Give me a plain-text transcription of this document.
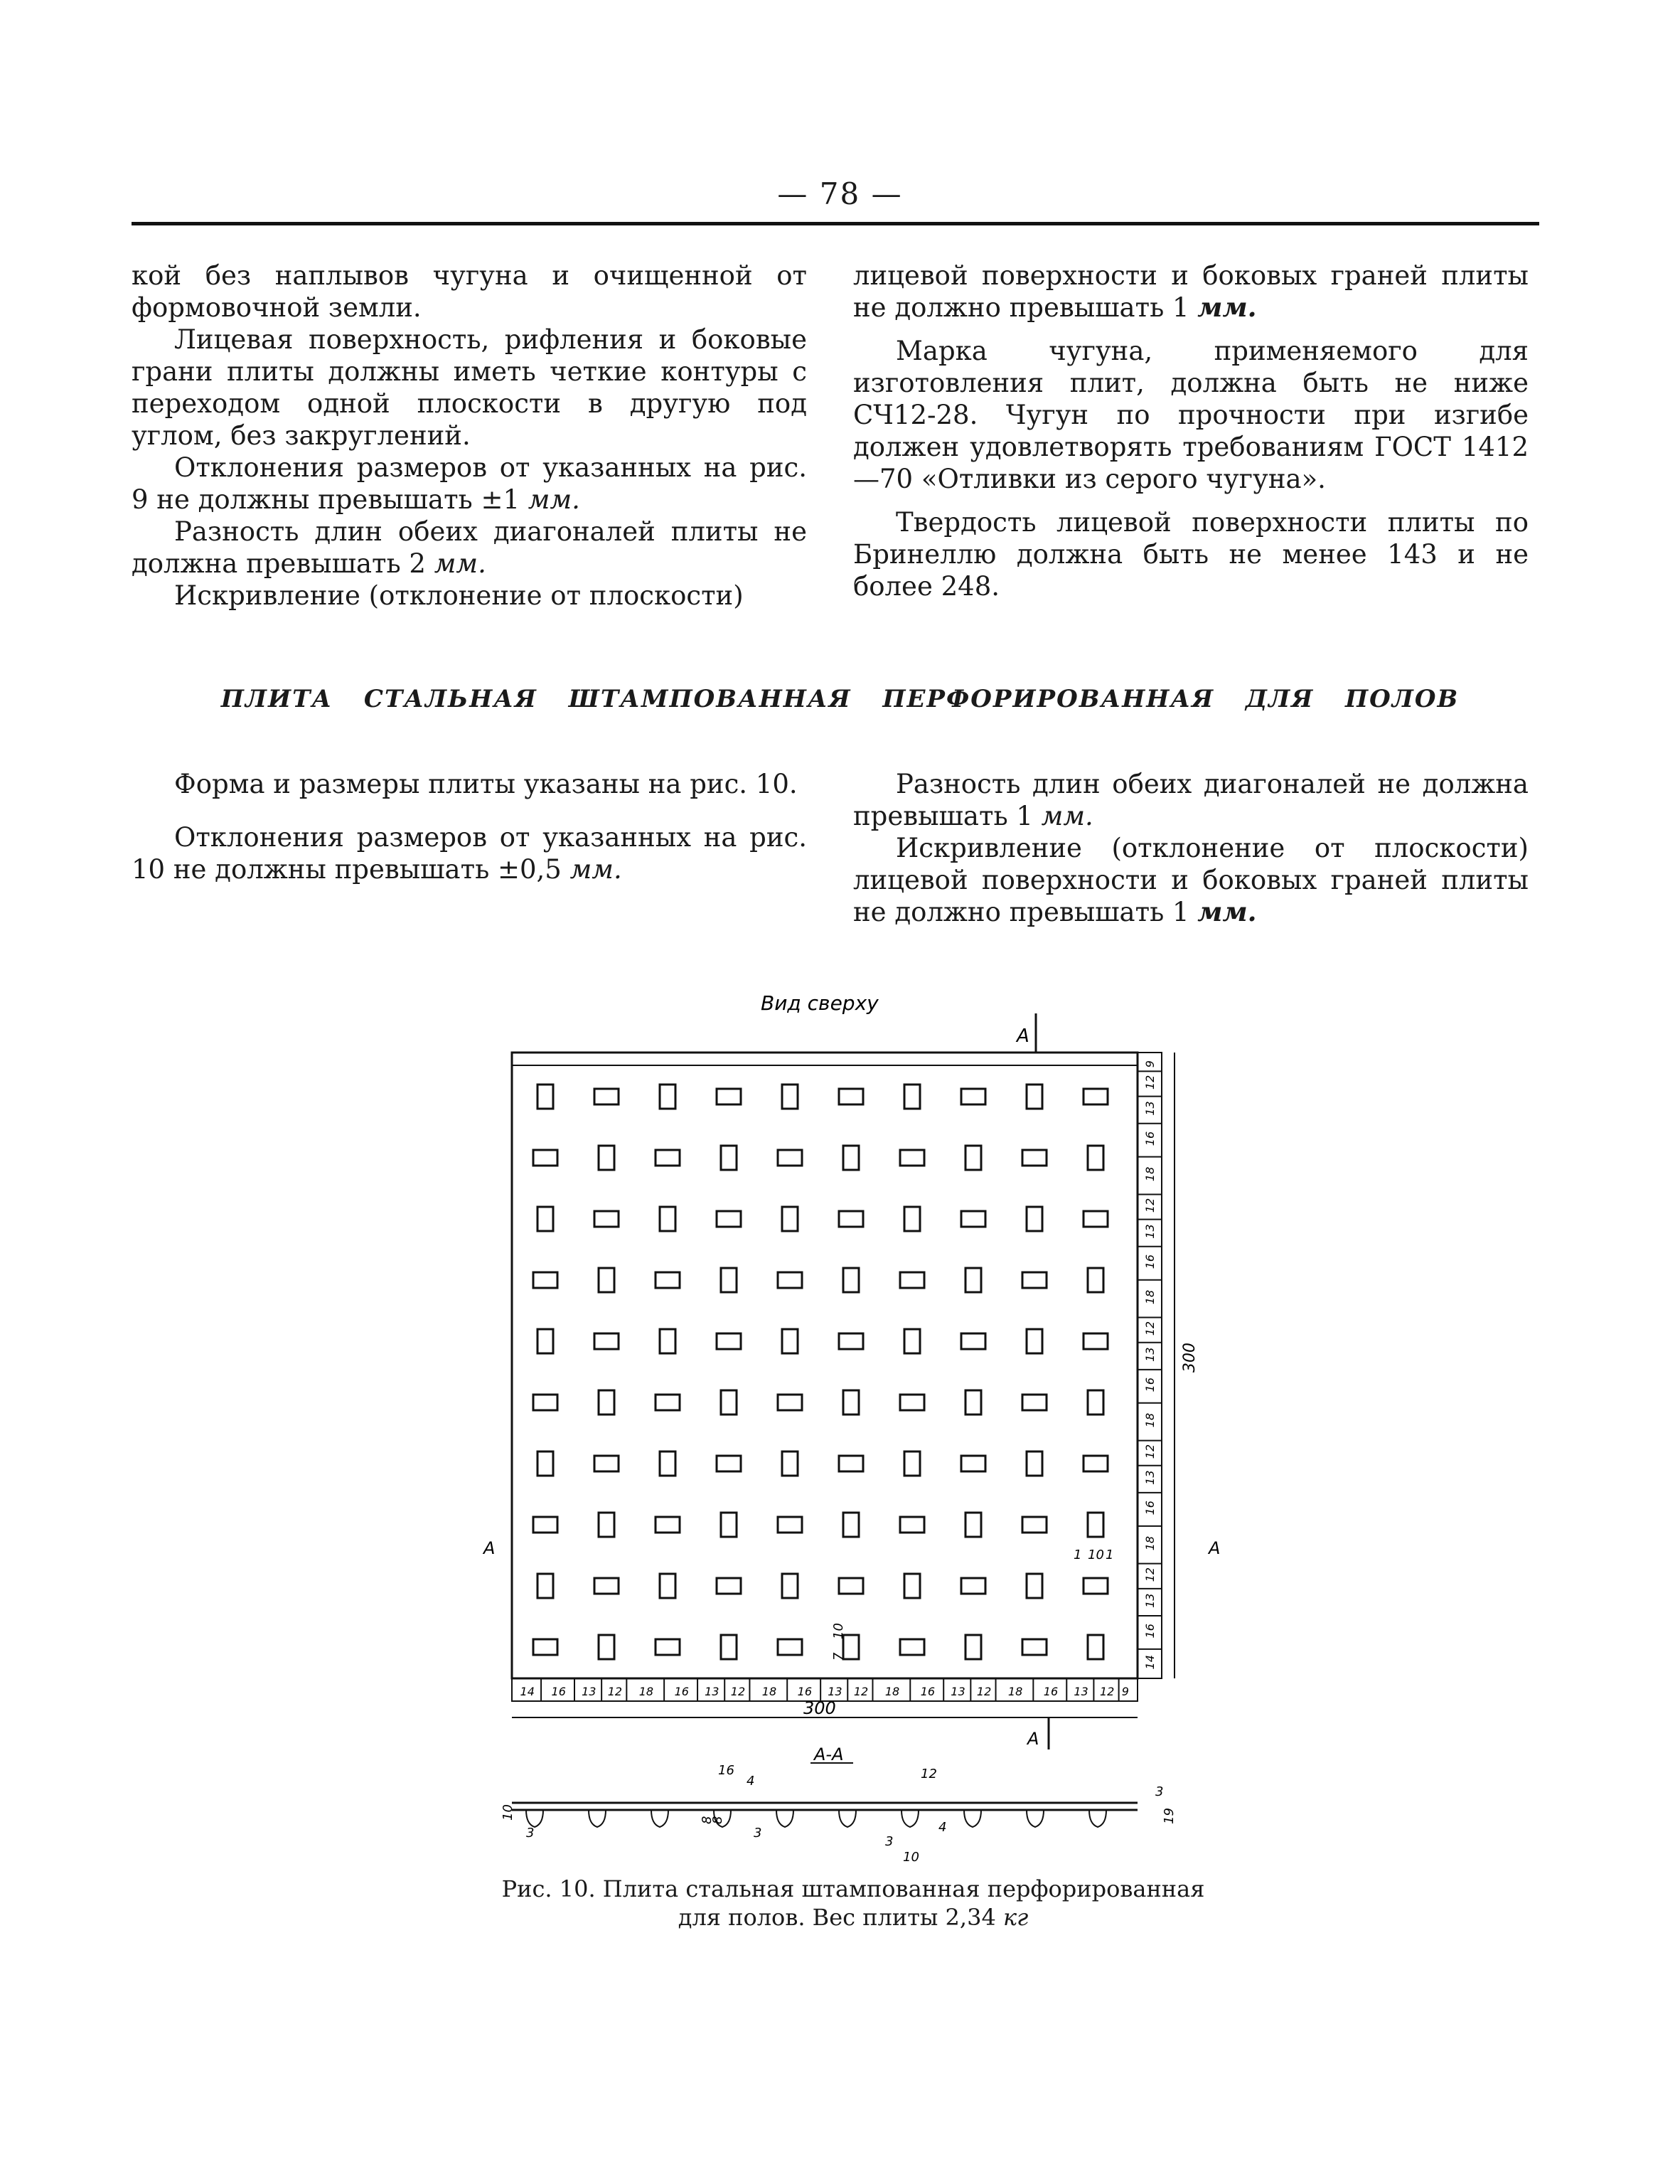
— 78 —

кой без наплывов чугуна и очищенной от формовочной земли.

Лицевая поверхность, рифления и боковые грани плиты должны иметь четкие контуры с переходом одной плоскости в другую под углом, без закруглений.

Отклонения размеров от указанных на рис. 9 не должны превышать ±1 мм.

Разность длин обеих диагоналей плиты не должна превышать 2 мм.

Искривление (отклонение от плоскости)

лицевой поверхности и боковых граней плиты не должно превышать 1 мм.

Марка чугуна, применяемого для изготовления плит, должна быть не ниже СЧ12-28. Чугун по прочности при изгибе должен удовлетворять требованиям ГОСТ 1412—70 «Отливки из серого чугуна».

Твердость лицевой поверхности плиты по Бринеллю должна быть не менее 143 и не более 248.

ПЛИТА СТАЛЬНАЯ ШТАМПОВАННАЯ ПЕРФОРИРОВАННАЯ ДЛЯ ПОЛОВ

Форма и размеры плиты указаны на рис. 10.

Отклонения размеров от указанных на рис. 10 не должны превышать ±0,5 мм.

Разность длин обеих диагоналей не должна превышать 1 мм.

Искривление (отклонение от плоскости) лицевой поверхности и боковых граней плиты не должно превышать 1 мм.

Вид сверху
А
9
12
13
16
18
12
13
16
18
12
13
16
18
12
13
16
18
12
13
16
14
300
14 16 13 12 18 16 13 12 18 16 13 12 18 16 13 12 18 16 13 12 9
300
А	А
А
1 10 1
7
10
А-А
16
4	12
10
3
8
8
3
3
10
4
3
19
Рис. 10. Плита стальная штампованная перфорированная для полов. Вес плиты 2,34 кг
